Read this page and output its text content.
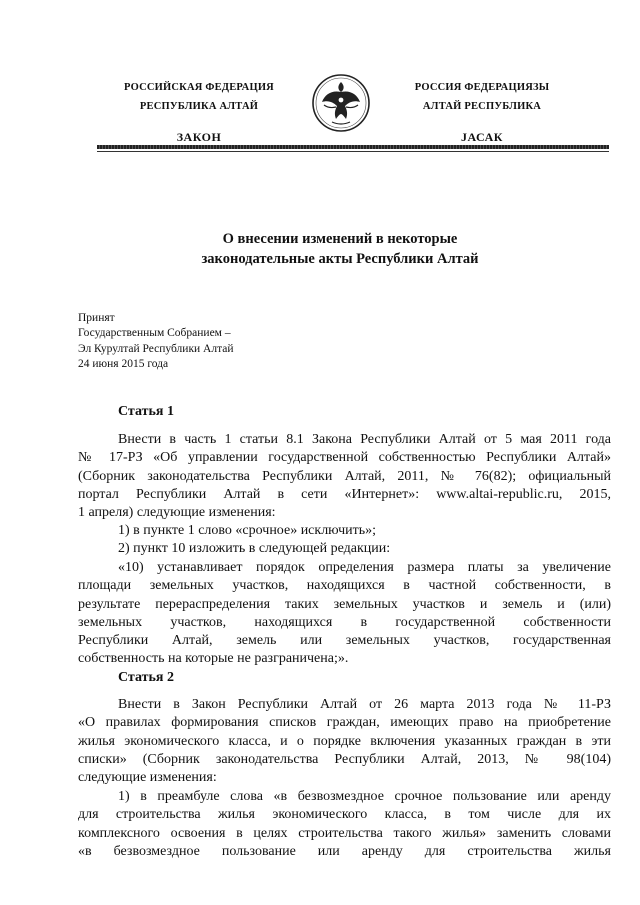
РОССИЙСКАЯ ФЕДЕРАЦИЯ
РЕСПУБЛИКА АЛТАЙ
ЗАКОН
РОССИЯ ФЕДЕРАЦИЯЗЫ
АЛТАЙ РЕСПУБЛИКА
ЈАСАК
О внесении изменений в некоторые
законодательные акты Республики Алтай
Принят
Государственным Собранием –
Эл Курултай Республики Алтай
24 июня 2015 года
Статья 1
Внести в часть 1 статьи 8.1 Закона Республики Алтай от 5 мая 2011 года
№ 17-РЗ «Об управлении государственной собственностью Республики Алтай»
(Сборник законодательства Республики Алтай, 2011, № 76(82); официальный
портал Республики Алтай в сети «Интернет»: www.altai-republic.ru, 2015,
1 апреля) следующие изменения:
1) в пункте 1 слово «срочное» исключить»;
2) пункт 10 изложить в следующей редакции:
«10) устанавливает порядок определения размера платы за увеличение
площади земельных участков, находящихся в частной собственности, в
результате перераспределения таких земельных участков и земель и (или)
земельных участков, находящихся в государственной собственности
Республики Алтай, земель или земельных участков, государственная
собственность на которые не разграничена;».
Статья 2
Внести в Закон Республики Алтай от 26 марта 2013 года № 11-РЗ
«О правилах формирования списков граждан, имеющих право на приобретение
жилья экономического класса, и о порядке включения указанных граждан в эти
списки» (Сборник законодательства Республики Алтай, 2013, № 98(104)
следующие изменения:
1) в преамбуле слова «в безвозмездное срочное пользование или аренду
для строительства жилья экономического класса, в том числе для их
комплексного освоения в целях строительства такого жилья» заменить словами
«в безвозмездное пользование или аренду для строительства жилья
